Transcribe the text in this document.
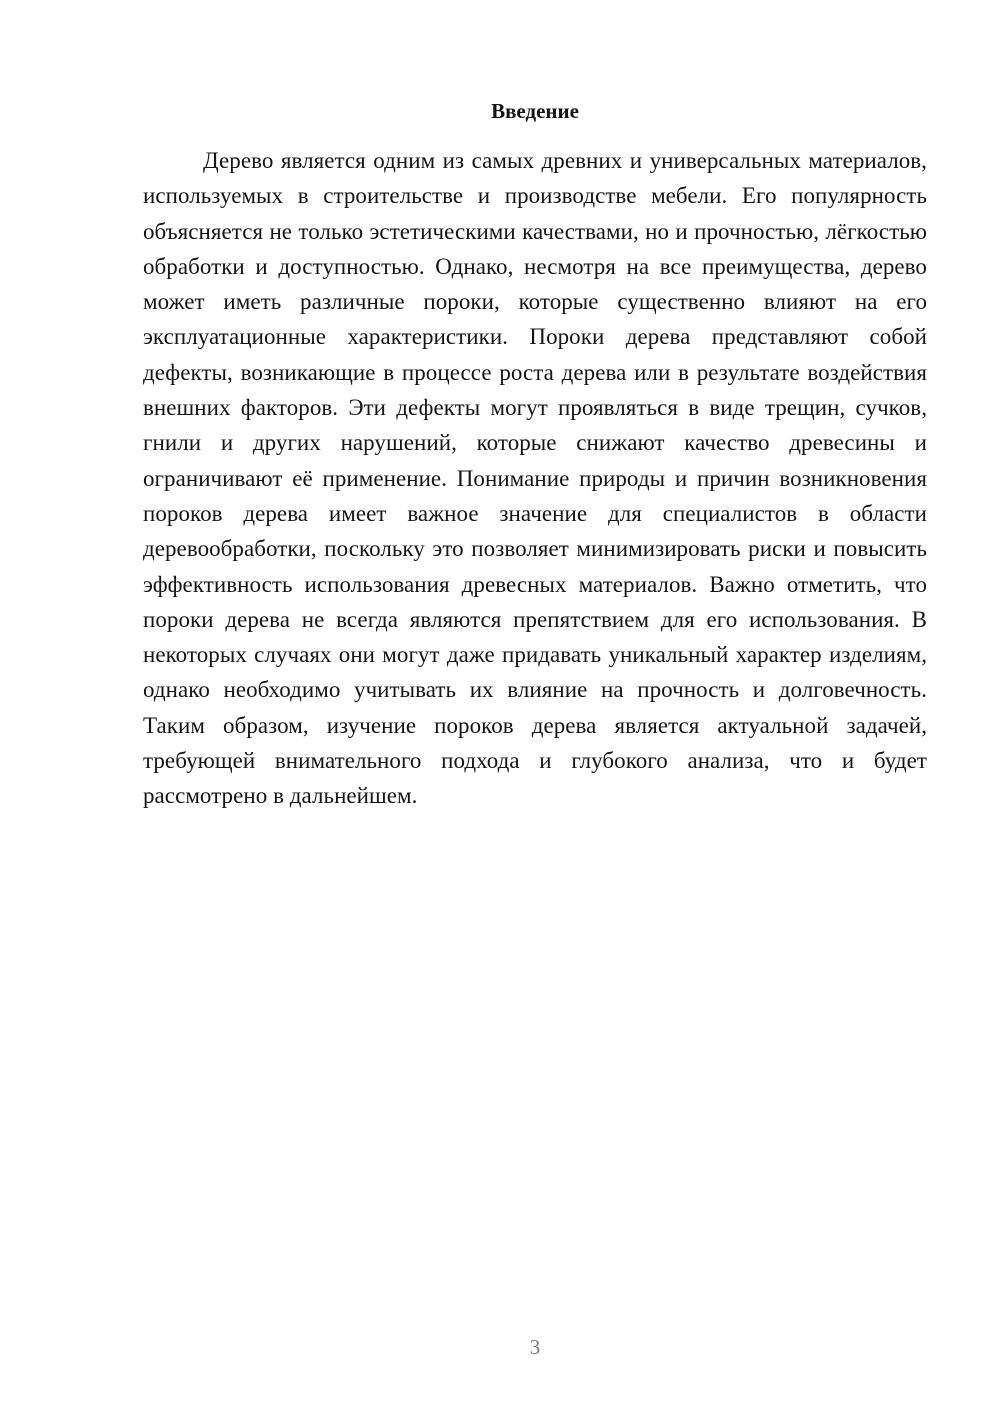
Введение

Дерево является одним из самых древних и универсальных материалов, используемых в строительстве и производстве мебели. Его популярность объясняется не только эстетическими качествами, но и прочностью, лёгкостью обработки и доступностью. Однако, несмотря на все преимущества, дерево может иметь различные пороки, которые существенно влияют на его эксплуатационные характеристики. Пороки дерева представляют собой дефекты, возникающие в процессе роста дерева или в результате воздействия внешних факторов. Эти дефекты могут проявляться в виде трещин, сучков, гнили и других нарушений, которые снижают качество древесины и ограничивают её применение. Понимание природы и причин возникновения пороков дерева имеет важное значение для специалистов в области деревообработки, поскольку это позволяет минимизировать риски и повысить эффективность использования древесных материалов. Важно отметить, что пороки дерева не всегда являются препятствием для его использования. В некоторых случаях они могут даже придавать уникальный характер изделиям, однако необходимо учитывать их влияние на прочность и долговечность. Таким образом, изучение пороков дерева является актуальной задачей, требующей внимательного подхода и глубокого анализа, что и будет рассмотрено в дальнейшем.

3
